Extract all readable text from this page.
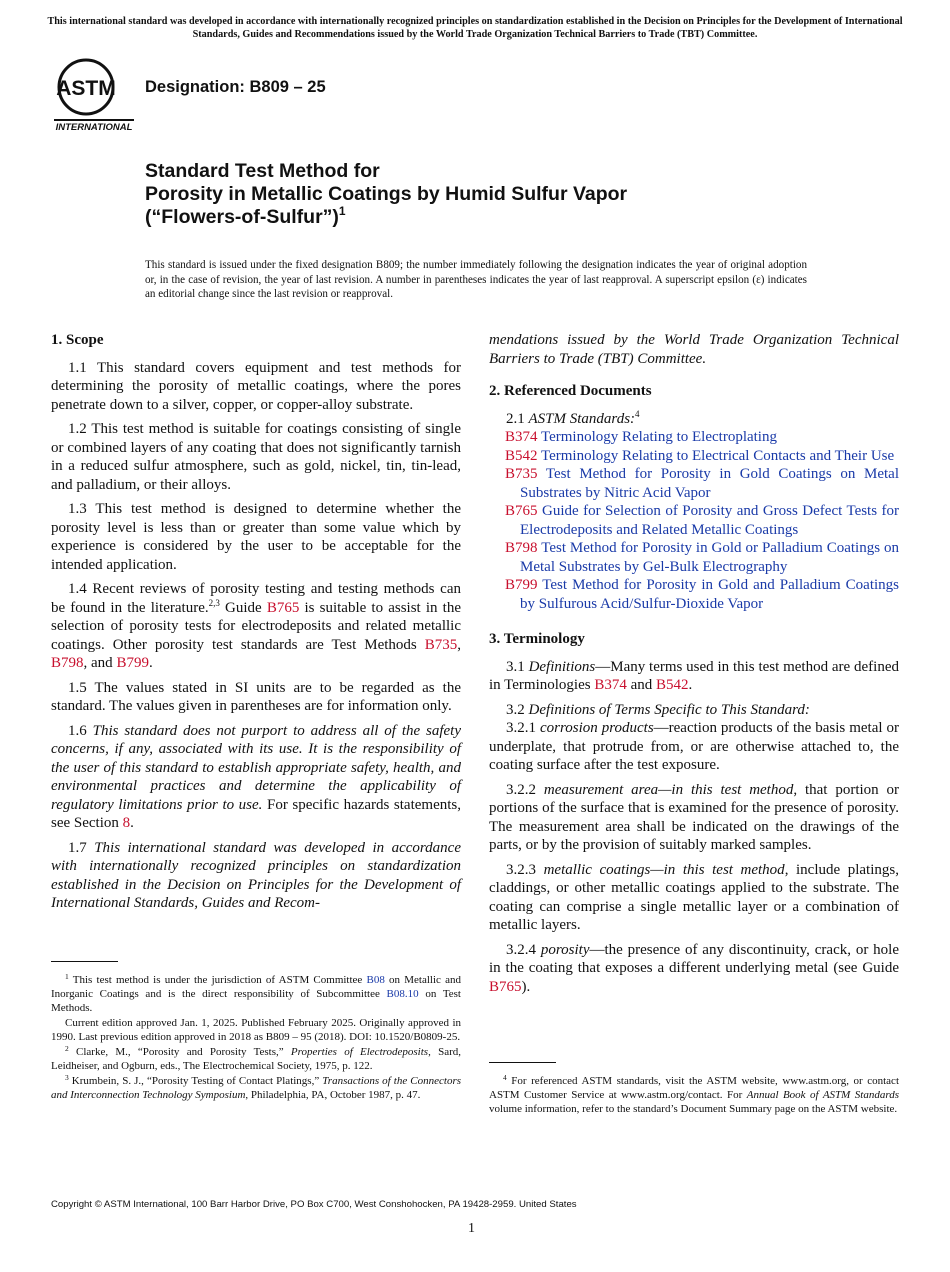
This international standard was developed in accordance with internationally recognized principles on standardization established in the Decision on Principles for the Development of International Standards, Guides and Recommendations issued by the World Trade Organization Technical Barriers to Trade (TBT) Committee.
ASTM
INTERNATIONAL
Designation: B809 – 25
Standard Test Method for
Porosity in Metallic Coatings by Humid Sulfur Vapor
(“Flowers-of-Sulfur”)$^1$
This standard is issued under the fixed designation B809; the number immediately following the designation indicates the year of original adoption or, in the case of revision, the year of last revision. A number in parentheses indicates the year of last reapproval. A superscript epsilon (ε) indicates an editorial change since the last revision or reapproval.
1. Scope
1.1 This standard covers equipment and test methods for determining the porosity of metallic coatings, where the pores penetrate down to a silver, copper, or copper-alloy substrate.
1.2 This test method is suitable for coatings consisting of single or combined layers of any coating that does not significantly tarnish in a reduced sulfur atmosphere, such as gold, nickel, tin, tin-lead, and palladium, or their alloys.
1.3 This test method is designed to determine whether the porosity level is less than or greater than some value which by experience is considered by the user to be acceptable for the intended application.
1.4 Recent reviews of porosity testing and testing methods can be found in the literature.$^{2,3}$ Guide B765 is suitable to assist in the selection of porosity tests for electrodeposits and related metallic coatings. Other porosity test standards are Test Methods B735, B798, and B799.
1.5 The values stated in SI units are to be regarded as the standard. The values given in parentheses are for information only.
1.6 This standard does not purport to address all of the safety concerns, if any, associated with its use. It is the responsibility of the user of this standard to establish appropriate safety, health, and environmental practices and determine the applicability of regulatory limitations prior to use. For specific hazards statements, see Section 8.
1.7 This international standard was developed in accordance with internationally recognized principles on standardization established in the Decision on Principles for the Development of International Standards, Guides and Recom-
mendations issued by the World Trade Organization Technical Barriers to Trade (TBT) Committee.
2. Referenced Documents
2.1 ASTM Standards:$^4$
B374 Terminology Relating to Electroplating
B542 Terminology Relating to Electrical Contacts and Their Use
B735 Test Method for Porosity in Gold Coatings on Metal Substrates by Nitric Acid Vapor
B765 Guide for Selection of Porosity and Gross Defect Tests for Electrodeposits and Related Metallic Coatings
B798 Test Method for Porosity in Gold or Palladium Coatings on Metal Substrates by Gel-Bulk Electrography
B799 Test Method for Porosity in Gold and Palladium Coatings by Sulfurous Acid/Sulfur-Dioxide Vapor
3. Terminology
3.1 Definitions—Many terms used in this test method are defined in Terminologies B374 and B542.
3.2 Definitions of Terms Specific to This Standard:
3.2.1 corrosion products—reaction products of the basis metal or underplate, that protrude from, or are otherwise attached to, the coating surface after the test exposure.
3.2.2 measurement area—in this test method, that portion or portions of the surface that is examined for the presence of porosity. The measurement area shall be indicated on the drawings of the parts, or by the provision of suitably marked samples.
3.2.3 metallic coatings—in this test method, include platings, claddings, or other metallic coatings applied to the substrate. The coating can comprise a single metallic layer or a combination of metallic layers.
3.2.4 porosity—the presence of any discontinuity, crack, or hole in the coating that exposes a different underlying metal (see Guide B765).

$^1$ This test method is under the jurisdiction of ASTM Committee B08 on Metallic and Inorganic Coatings and is the direct responsibility of Subcommittee B08.10 on Test Methods.

Current edition approved Jan. 1, 2025. Published February 2025. Originally approved in 1990. Last previous edition approved in 2018 as B809 – 95 (2018). DOI: 10.1520/B0809-25.

$^2$ Clarke, M., “Porosity and Porosity Tests,” Properties of Electrodeposits, Sard, Leidheiser, and Ogburn, eds., The Electrochemical Society, 1975, p. 122.

$^3$ Krumbein, S. J., “Porosity Testing of Contact Platings,” Transactions of the Connectors and Interconnection Technology Symposium, Philadelphia, PA, October 1987, p. 47.

$^4$ For referenced ASTM standards, visit the ASTM website, www.astm.org, or contact ASTM Customer Service at www.astm.org/contact. For Annual Book of ASTM Standards volume information, refer to the standard’s Document Summary page on the ASTM website.

Copyright © ASTM International, 100 Barr Harbor Drive, PO Box C700, West Conshohocken, PA 19428-2959. United States
1
